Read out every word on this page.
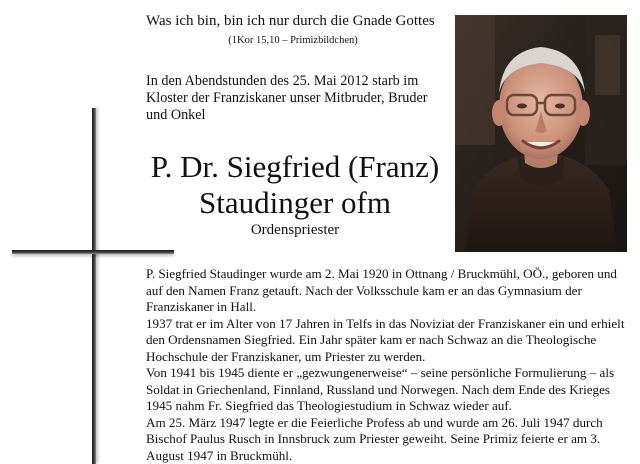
Was ich bin, bin ich nur durch die Gnade Gottes
(1Kor 15,10 – Primizbildchen)
In den Abendstunden des 25. Mai 2012 starb im Kloster der Franziskaner unser Mitbruder, Bruder und Onkel
P. Dr. Siegfried (Franz)
Staudinger ofm
Ordenspriester

P. Siegfried Staudinger wurde am 2. Mai 1920 in Ottnang / Bruckmühl, OÖ., geboren und auf den Namen Franz getauft. Nach der Volksschule kam er an das Gymnasium der Franziskaner in Hall.

1937 trat er im Alter von 17 Jahren in Telfs in das Noviziat der Franziskaner ein und erhielt den Ordensnamen Siegfried. Ein Jahr später kam er nach Schwaz an die Theologische Hochschule der Franziskaner, um Priester zu werden.

Von 1941 bis 1945 diente er „gezwungenerweise“ – seine persönliche Formulierung – als Soldat in Griechenland, Finnland, Russland und Norwegen. Nach dem Ende des Krieges 1945 nahm Fr. Siegfried das Theologiestudium in Schwaz wieder auf.

Am 25. März 1947 legte er die Feierliche Profess ab und wurde am 26. Juli 1947 durch Bischof Paulus Rusch in Innsbruck zum Priester geweiht. Seine Primiz feierte er am 3. August 1947 in Bruckmühl.
